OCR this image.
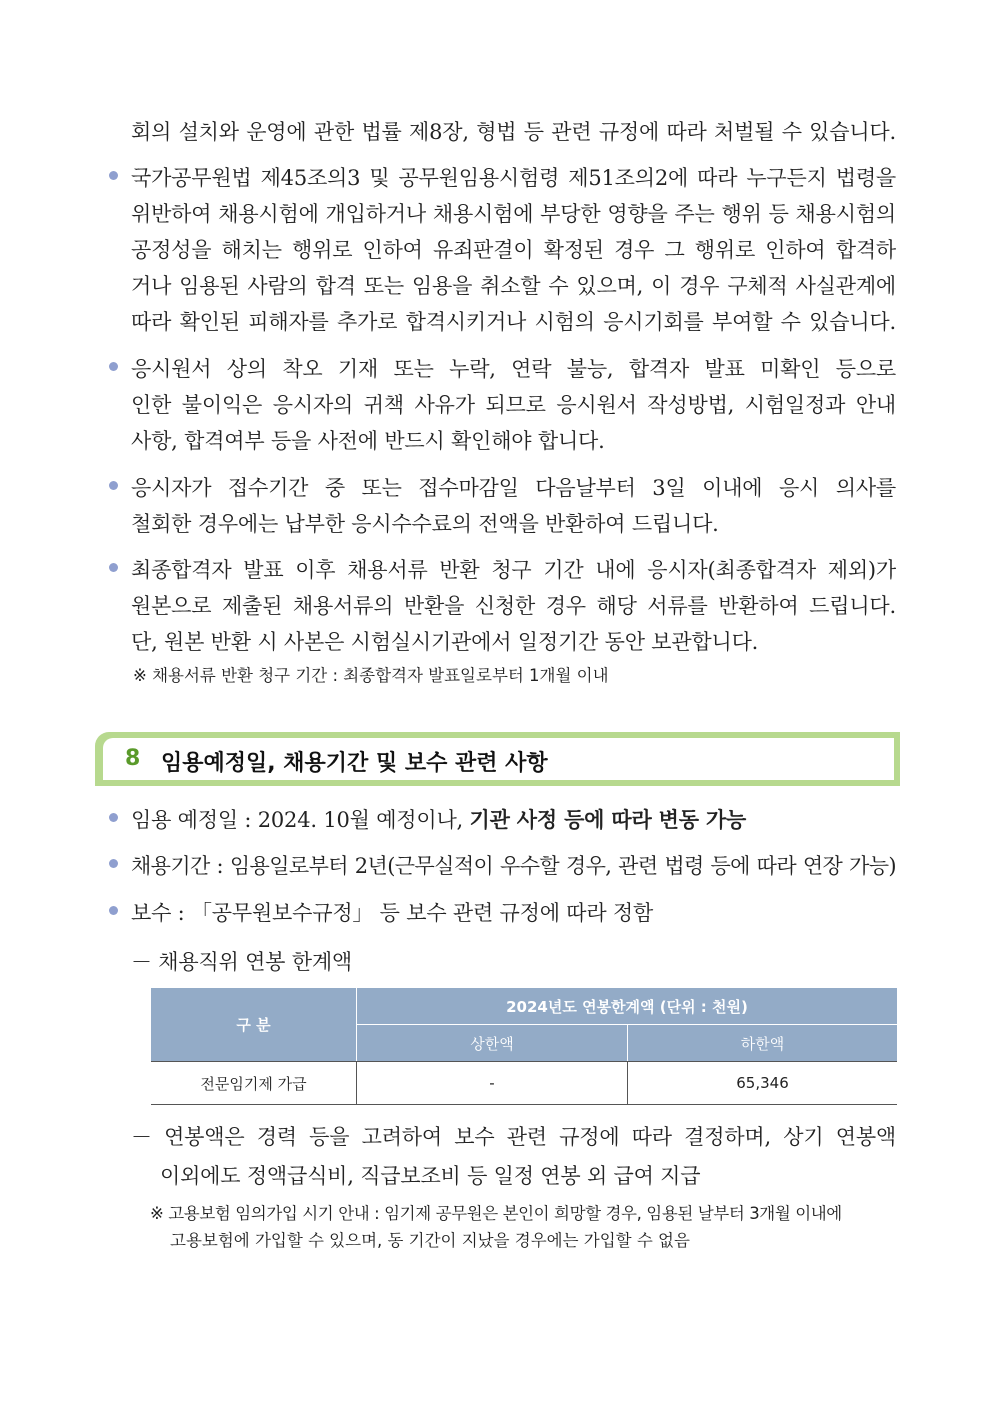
회의 설치와 운영에 관한 법률 제8장, 형법 등 관련 규정에 따라 처벌될 수 있습니다.
국가공무원법 제45조의3 및 공무원임용시험령 제51조의2에 따라 누구든지 법령을
위반하여 채용시험에 개입하거나 채용시험에 부당한 영향을 주는 행위 등 채용시험의
공정성을 해치는 행위로 인하여 유죄판결이 확정된 경우 그 행위로 인하여 합격하
거나 임용된 사람의 합격 또는 임용을 취소할 수 있으며, 이 경우 구체적 사실관계에
따라 확인된 피해자를 추가로 합격시키거나 시험의 응시기회를 부여할 수 있습니다.
응시원서 상의 착오 기재 또는 누락, 연락 불능, 합격자 발표 미확인 등으로
인한 불이익은 응시자의 귀책 사유가 되므로 응시원서 작성방법, 시험일정과 안내
사항, 합격여부 등을 사전에 반드시 확인해야 합니다.
응시자가 접수기간 중 또는 접수마감일 다음날부터 3일 이내에 응시 의사를
철회한 경우에는 납부한 응시수수료의 전액을 반환하여 드립니다.
최종합격자 발표 이후 채용서류 반환 청구 기간 내에 응시자(최종합격자 제외)가
원본으로 제출된 채용서류의 반환을 신청한 경우 해당 서류를 반환하여 드립니다.
단, 원본 반환 시 사본은 시험실시기관에서 일정기간 동안 보관합니다.
※ 채용서류 반환 청구 기간 : 최종합격자 발표일로부터 1개월 이내
8 임용예정일, 채용기간 및 보수 관련 사항
임용 예정일 : 2024. 10월 예정이나, 기관 사정 등에 따라 변동 가능
채용기간 : 임용일로부터 2년(근무실적이 우수할 경우, 관련 법령 등에 따라 연장 가능)
보수 : 「공무원보수규정」 등 보수 관련 규정에 따라 정함
－ 채용직위 연봉 한계액
구 분	2024년도 연봉한계액 (단위 : 천원)	
	상한액	하한액
전문임기제 가급	-	65,346
－ 연봉액은 경력 등을 고려하여 보수 관련 규정에 따라 결정하며, 상기 연봉액
이외에도 정액급식비, 직급보조비 등 일정 연봉 외 급여 지급
※ 고용보험 임의가입 시기 안내 : 임기제 공무원은 본인이 희망할 경우, 임용된 날부터 3개월 이내에
고용보험에 가입할 수 있으며, 동 기간이 지났을 경우에는 가입할 수 없음
